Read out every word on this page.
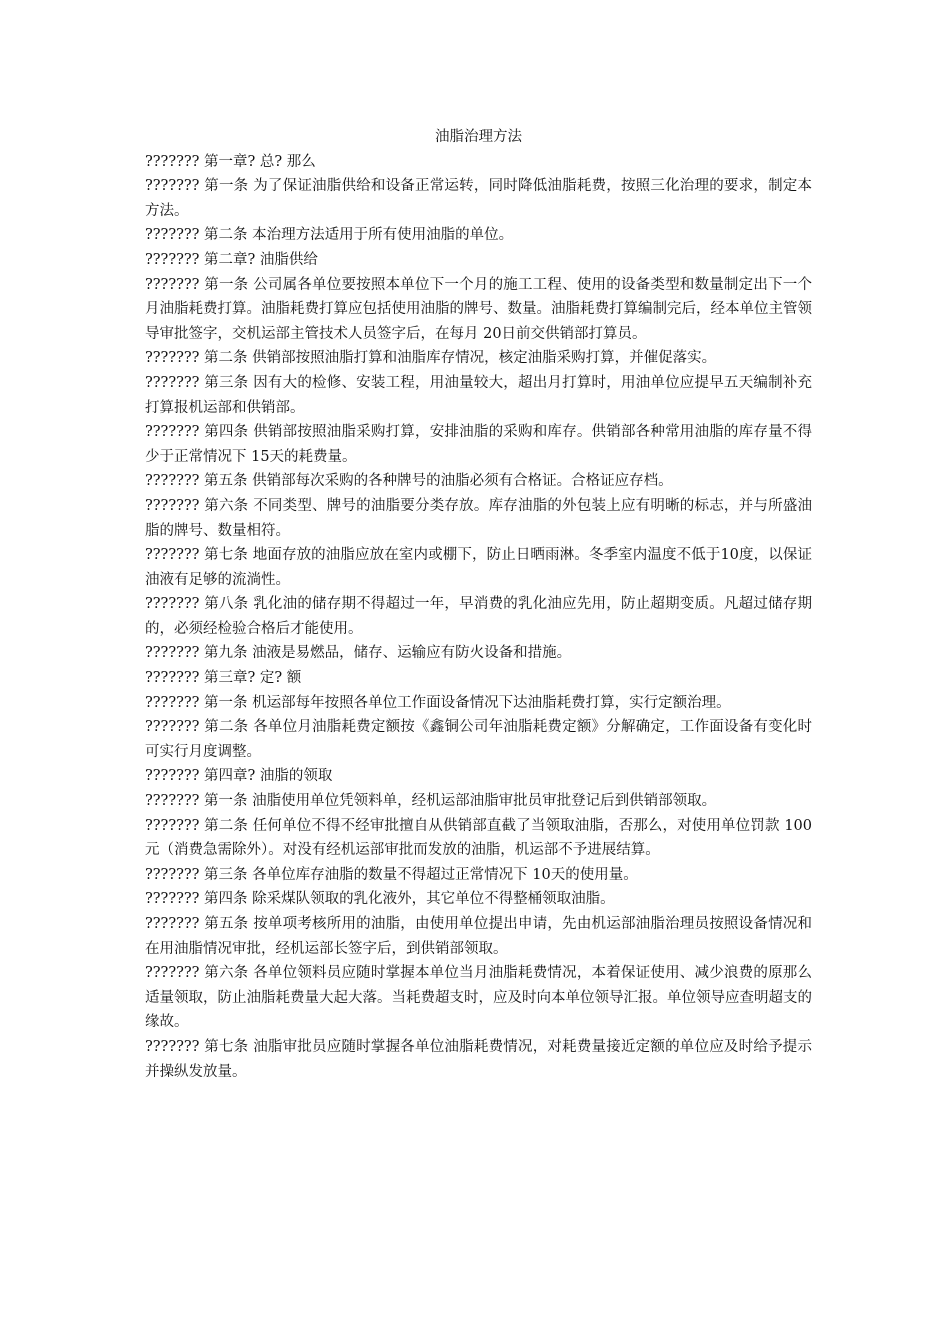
油脂治理方法

??????? 第一章? 总? 那么

??????? 第一条 为了保证油脂供给和设备正常运转，同时降低油脂耗费，按照三化治理的要求，制定本方法。

??????? 第二条 本治理方法适用于所有使用油脂的单位。

??????? 第二章? 油脂供给

??????? 第一条 公司属各单位要按照本单位下一个月的施工工程、使用的设备类型和数量制定出下一个月油脂耗费打算。油脂耗费打算应包括使用油脂的牌号、数量。油脂耗费打算编制完后，经本单位主管领导审批签字，交机运部主管技术人员签字后，在每月 20日前交供销部打算员。

??????? 第二条 供销部按照油脂打算和油脂库存情况，核定油脂采购打算，并催促落实。

??????? 第三条 因有大的检修、安装工程，用油量较大，超出月打算时，用油单位应提早五天编制补充打算报机运部和供销部。

??????? 第四条 供销部按照油脂采购打算，安排油脂的采购和库存。供销部各种常用油脂的库存量不得少于正常情况下 15天的耗费量。

??????? 第五条 供销部每次采购的各种牌号的油脂必须有合格证。合格证应存档。

??????? 第六条 不同类型、牌号的油脂要分类存放。库存油脂的外包装上应有明晰的标志，并与所盛油脂的牌号、数量相符。

??????? 第七条 地面存放的油脂应放在室内或棚下，防止日晒雨淋。冬季室内温度不低于10度，以保证油液有足够的流淌性。

??????? 第八条 乳化油的储存期不得超过一年，早消费的乳化油应先用，防止超期变质。凡超过储存期的，必须经检验合格后才能使用。

??????? 第九条 油液是易燃品，储存、运输应有防火设备和措施。

??????? 第三章? 定? 额

??????? 第一条 机运部每年按照各单位工作面设备情况下达油脂耗费打算，实行定额治理。

??????? 第二条 各单位月油脂耗费定额按《鑫铜公司年油脂耗费定额》分解确定，工作面设备有变化时可实行月度调整。

??????? 第四章? 油脂的领取

??????? 第一条 油脂使用单位凭领料单，经机运部油脂审批员审批登记后到供销部领取。

??????? 第二条 任何单位不得不经审批擅自从供销部直截了当领取油脂，否那么，对使用单位罚款 100元（消费急需除外）。对没有经机运部审批而发放的油脂，机运部不予进展结算。

??????? 第三条 各单位库存油脂的数量不得超过正常情况下 10天的使用量。

??????? 第四条 除采煤队领取的乳化液外，其它单位不得整桶领取油脂。

??????? 第五条 按单项考核所用的油脂，由使用单位提出申请，先由机运部油脂治理员按照设备情况和在用油脂情况审批，经机运部长签字后，到供销部领取。

??????? 第六条 各单位领料员应随时掌握本单位当月油脂耗费情况，本着保证使用、减少浪费的原那么适量领取，防止油脂耗费量大起大落。当耗费超支时，应及时向本单位领导汇报。单位领导应查明超支的缘故。

??????? 第七条 油脂审批员应随时掌握各单位油脂耗费情况，对耗费量接近定额的单位应及时给予提示并操纵发放量。
